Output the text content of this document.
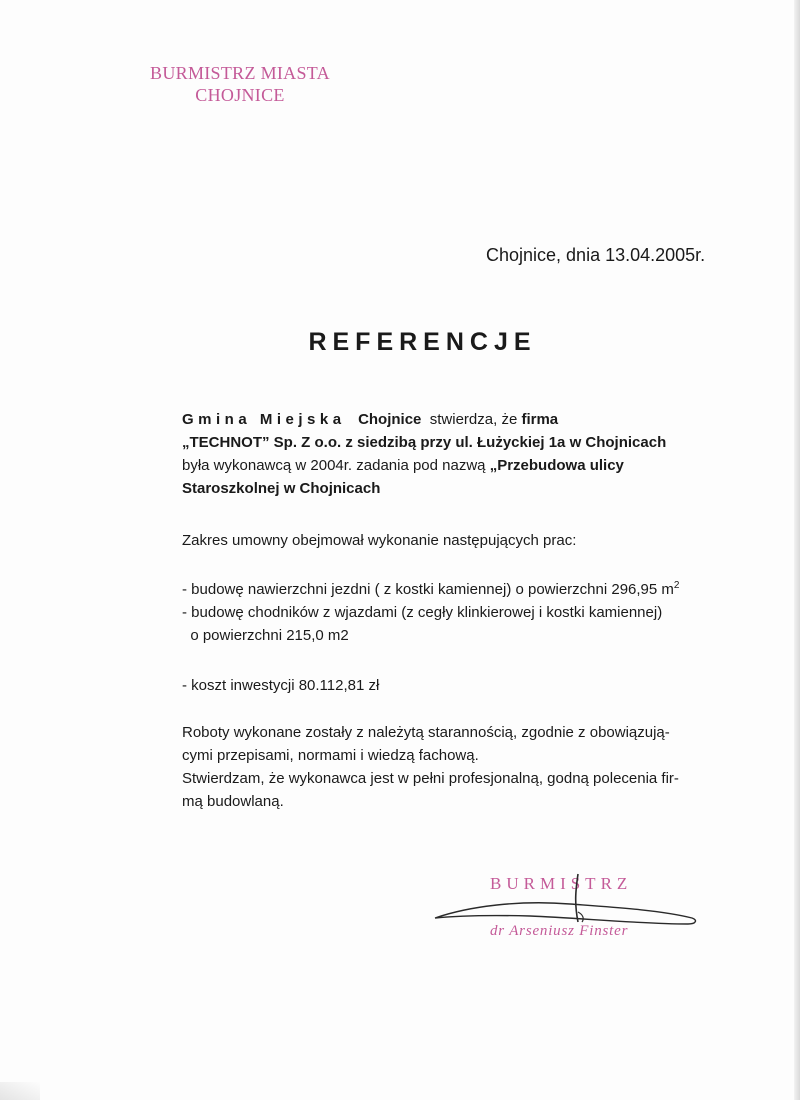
BURMISTRZ MIASTA
CHOJNICE
Chojnice, dnia 13.04.2005r.
REFERENCJE
Gmina Miejska Chojnice stwierdza, że firma
„TECHNOT” Sp. Z o.o. z siedzibą przy ul. Łużyckiej 1a w Chojnicach
była wykonawcą w 2004r. zadania pod nazwą „Przebudowa ulicy
Staroszkolnej w Chojnicach
Zakres umowny obejmował wykonanie następujących prac:
- budowę nawierzchni jezdni ( z kostki kamiennej) o powierzchni 296,95 $m^2$
- budowę chodników z wjazdami (z cegły klinkierowej i kostki kamiennej)
o powierzchni 215,0 m2
- koszt inwestycji 80.112,81 zł
Roboty wykonane zostały z należytą starannością, zgodnie z obowiązują-
cymi przepisami, normami i wiedzą fachową.
Stwierdzam, że wykonawca jest w pełni profesjonalną, godną polecenia fir-
mą budowlaną.
BURMISTRZ
dr Arseniusz Finster
